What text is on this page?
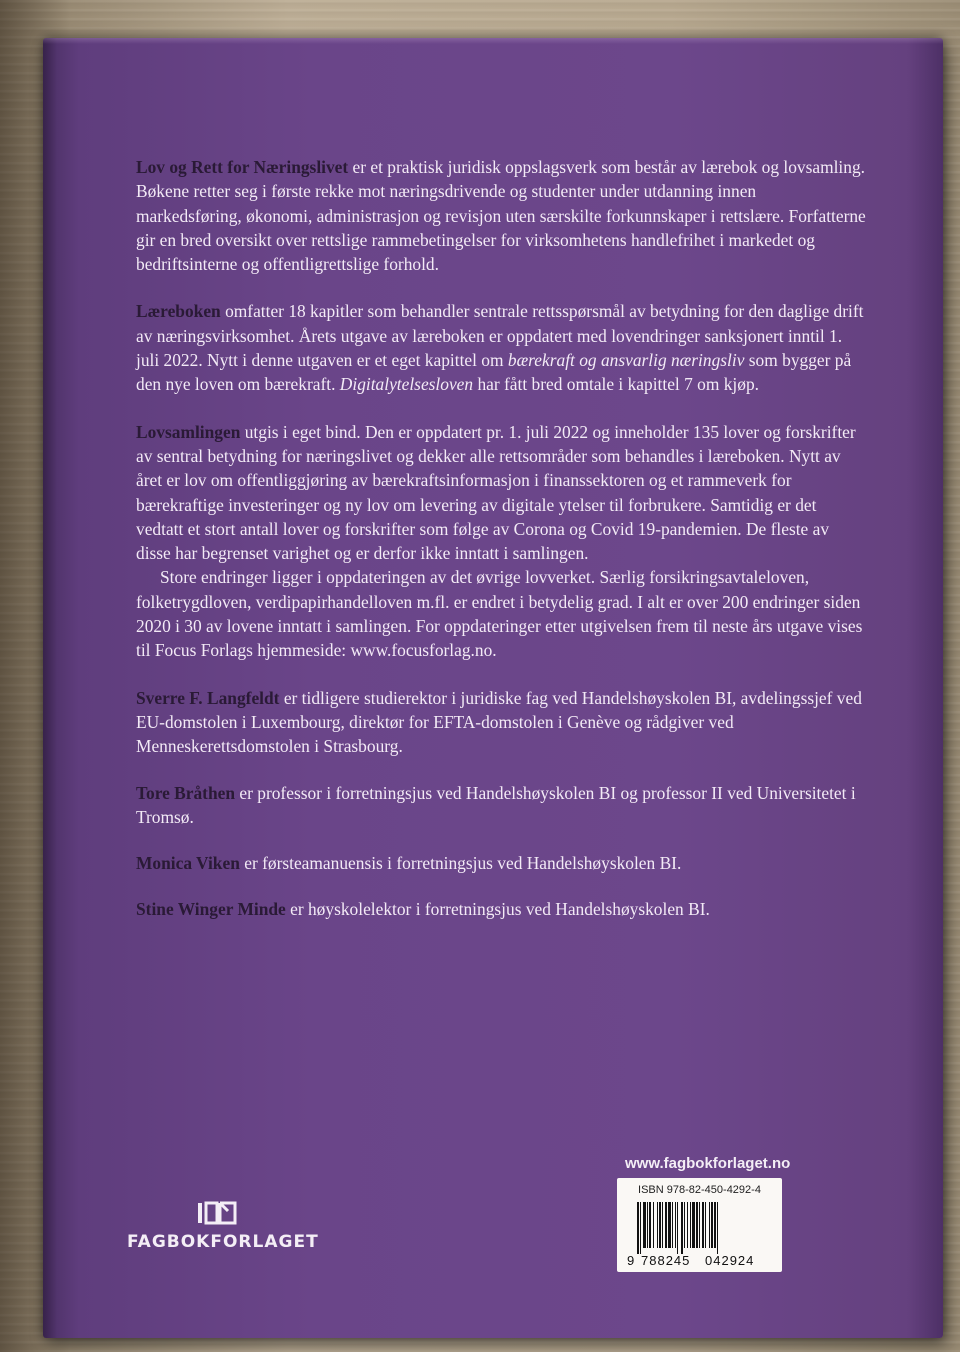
Lov og Rett for Næringslivet er et praktisk juridisk oppslagsverk som består av lærebok og lovsamling. Bøkene retter seg i første rekke mot næringsdrivende og studenter under utdanning innen markedsføring, økonomi, administrasjon og revisjon uten særskilte forkunnskaper i rettslære. Forfatterne gir en bred oversikt over rettslige rammebetingelser for virksomhetens handlefrihet i markedet og bedriftsinterne og offentligrettslige forhold.

Læreboken omfatter 18 kapitler som behandler sentrale rettsspørsmål av betydning for den daglige drift av næringsvirksomhet. Årets utgave av læreboken er oppdatert med lovendringer sanksjonert inntil 1. juli 2022. Nytt i denne utgaven er et eget kapittel om bærekraft og ansvarlig næringsliv som bygger på den nye loven om bærekraft. Digitalytelsesloven har fått bred omtale i kapittel 7 om kjøp.

Lovsamlingen utgis i eget bind. Den er oppdatert pr. 1. juli 2022 og inneholder 135 lover og forskrifter av sentral betydning for næringslivet og dekker alle rettsområder som behandles i læreboken. Nytt av året er lov om offentliggjøring av bærekraftsinformasjon i finanssektoren og et rammeverk for bærekraftige investeringer og ny lov om levering av digitale ytelser til forbrukere. Samtidig er det vedtatt et stort antall lover og forskrifter som følge av Corona og Covid 19-pandemien. De fleste av disse har begrenset varighet og er derfor ikke inntatt i samlingen.

Store endringer ligger i oppdateringen av det øvrige lovverket. Særlig forsikringsavtaleloven, folketrygdloven, verdipapirhandelloven m.fl. er endret i betydelig grad. I alt er over 200 endringer siden 2020 i 30 av lovene inntatt i samlingen. For oppdateringer etter utgivelsen frem til neste års utgave vises til Focus Forlags hjemmeside: www.focusforlag.no.

Sverre F. Langfeldt er tidligere studierektor i juridiske fag ved Handelshøyskolen BI, avdelingssjef ved EU-domstolen i Luxembourg, direktør for EFTA-domstolen i Genève og rådgiver ved Menneskerettsdomstolen i Strasbourg.

Tore Bråthen er professor i forretningsjus ved Handelshøyskolen BI og professor II ved Universitetet i Tromsø.

Monica Viken er førsteamanuensis i forretningsjus ved Handelshøyskolen BI.

Stine Winger Minde er høyskolelektor i forretningsjus ved Handelshøyskolen BI.

www.fagbokforlaget.no
ISBN 978-82-450-4292-4
9 788245 042924
FAGBOKFORLAGET
